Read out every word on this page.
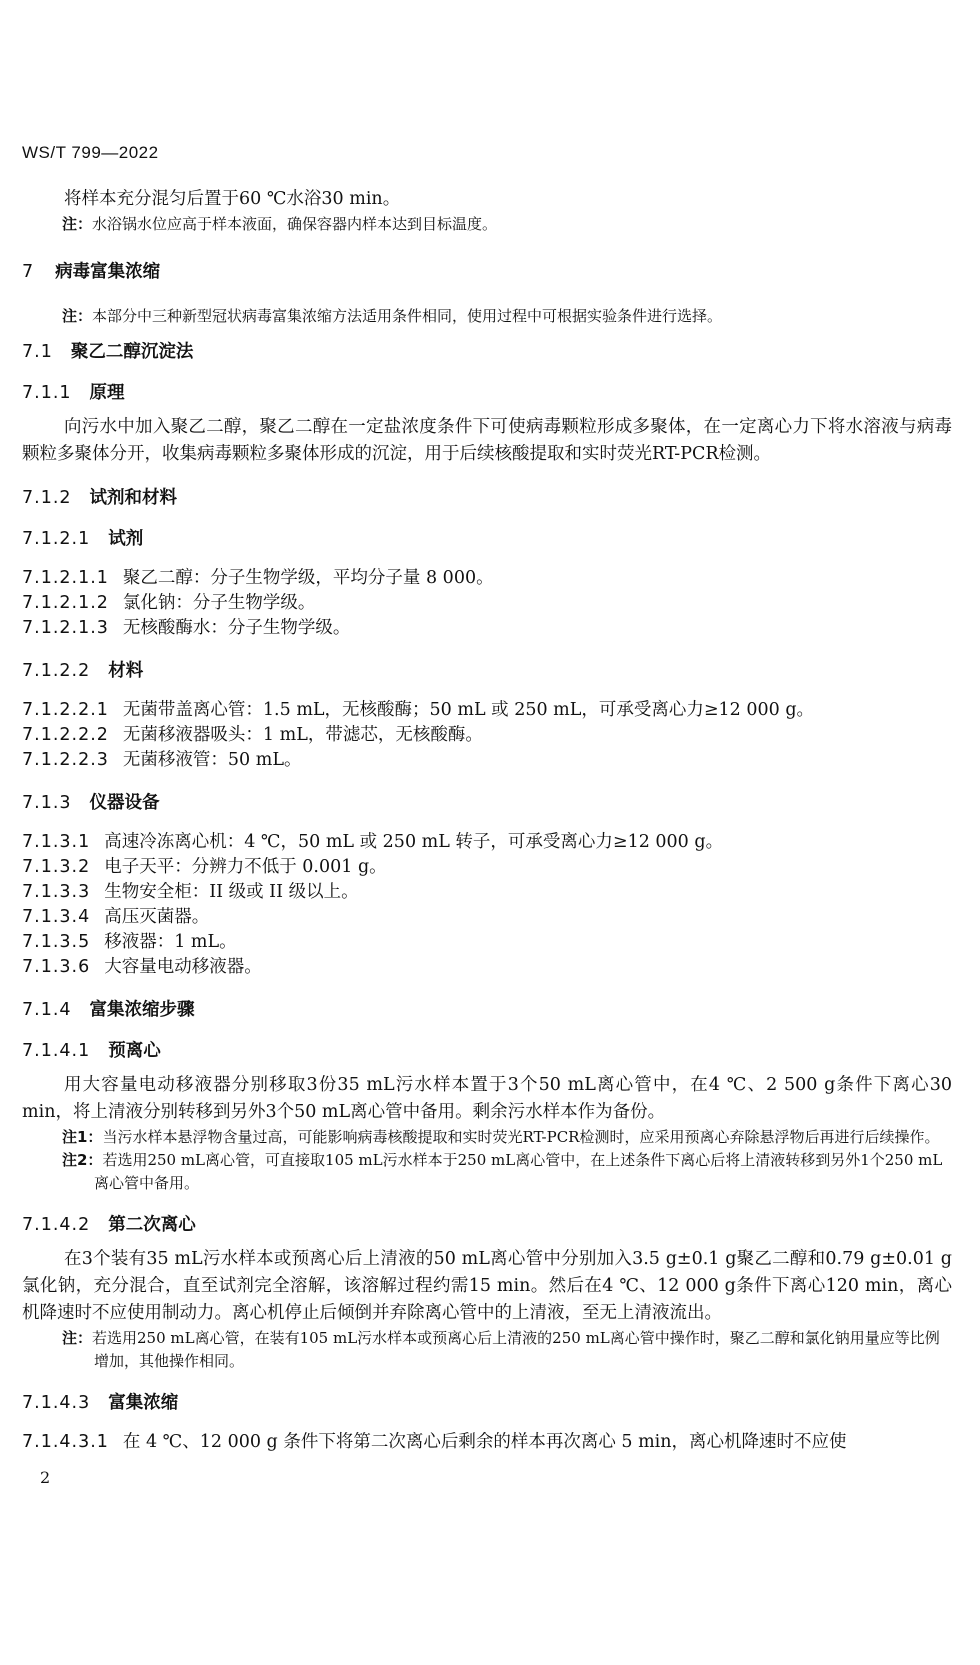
WS/T 799—2022

将样本充分混匀后置于60 ℃水浴30 min。

注：水浴锅水位应高于样本液面，确保容器内样本达到目标温度。

7 病毒富集浓缩

注：本部分中三种新型冠状病毒富集浓缩方法适用条件相同，使用过程中可根据实验条件进行选择。

7.1 聚乙二醇沉淀法

7.1.1 原理

向污水中加入聚乙二醇，聚乙二醇在一定盐浓度条件下可使病毒颗粒形成多聚体，在一定离心力下将水溶液与病毒颗粒多聚体分开，收集病毒颗粒多聚体形成的沉淀，用于后续核酸提取和实时荧光RT-PCR检测。

7.1.2 试剂和材料

7.1.2.1 试剂

7.1.2.1.1 聚乙二醇：分子生物学级，平均分子量 8 000。

7.1.2.1.2 氯化钠：分子生物学级。

7.1.2.1.3 无核酸酶水：分子生物学级。

7.1.2.2 材料

7.1.2.2.1 无菌带盖离心管：1.5 mL，无核酸酶；50 mL 或 250 mL，可承受离心力≥12 000 g。

7.1.2.2.2 无菌移液器吸头：1 mL，带滤芯，无核酸酶。

7.1.2.2.3 无菌移液管：50 mL。

7.1.3 仪器设备

7.1.3.1 高速冷冻离心机：4 ℃，50 mL 或 250 mL 转子，可承受离心力≥12 000 g。

7.1.3.2 电子天平：分辨力不低于 0.001 g。

7.1.3.3 生物安全柜：II 级或 II 级以上。

7.1.3.4 高压灭菌器。

7.1.3.5 移液器：1 mL。

7.1.3.6 大容量电动移液器。

7.1.4 富集浓缩步骤

7.1.4.1 预离心

用大容量电动移液器分别移取3份35 mL污水样本置于3个50 mL离心管中，在4 ℃、2 500 g条件下离心30 min，将上清液分别转移到另外3个50 mL离心管中备用。剩余污水样本作为备份。

注1：当污水样本悬浮物含量过高，可能影响病毒核酸提取和实时荧光RT-PCR检测时，应采用预离心弃除悬浮物后再进行后续操作。
注2：若选用250 mL离心管，可直接取105 mL污水样本于250 mL离心管中，在上述条件下离心后将上清液转移到另外1个250 mL离心管中备用。

7.1.4.2 第二次离心

在3个装有35 mL污水样本或预离心后上清液的50 mL离心管中分别加入3.5 g±0.1 g聚乙二醇和0.79 g±0.01 g氯化钠，充分混合，直至试剂完全溶解，该溶解过程约需15 min。然后在4 ℃、12 000 g条件下离心120 min，离心机降速时不应使用制动力。离心机停止后倾倒并弃除离心管中的上清液，至无上清液流出。

注：若选用250 mL离心管，在装有105 mL污水样本或预离心后上清液的250 mL离心管中操作时，聚乙二醇和氯化钠用量应等比例增加，其他操作相同。

7.1.4.3 富集浓缩

7.1.4.3.1 在 4 ℃、12 000 g 条件下将第二次离心后剩余的样本再次离心 5 min，离心机降速时不应使

2
